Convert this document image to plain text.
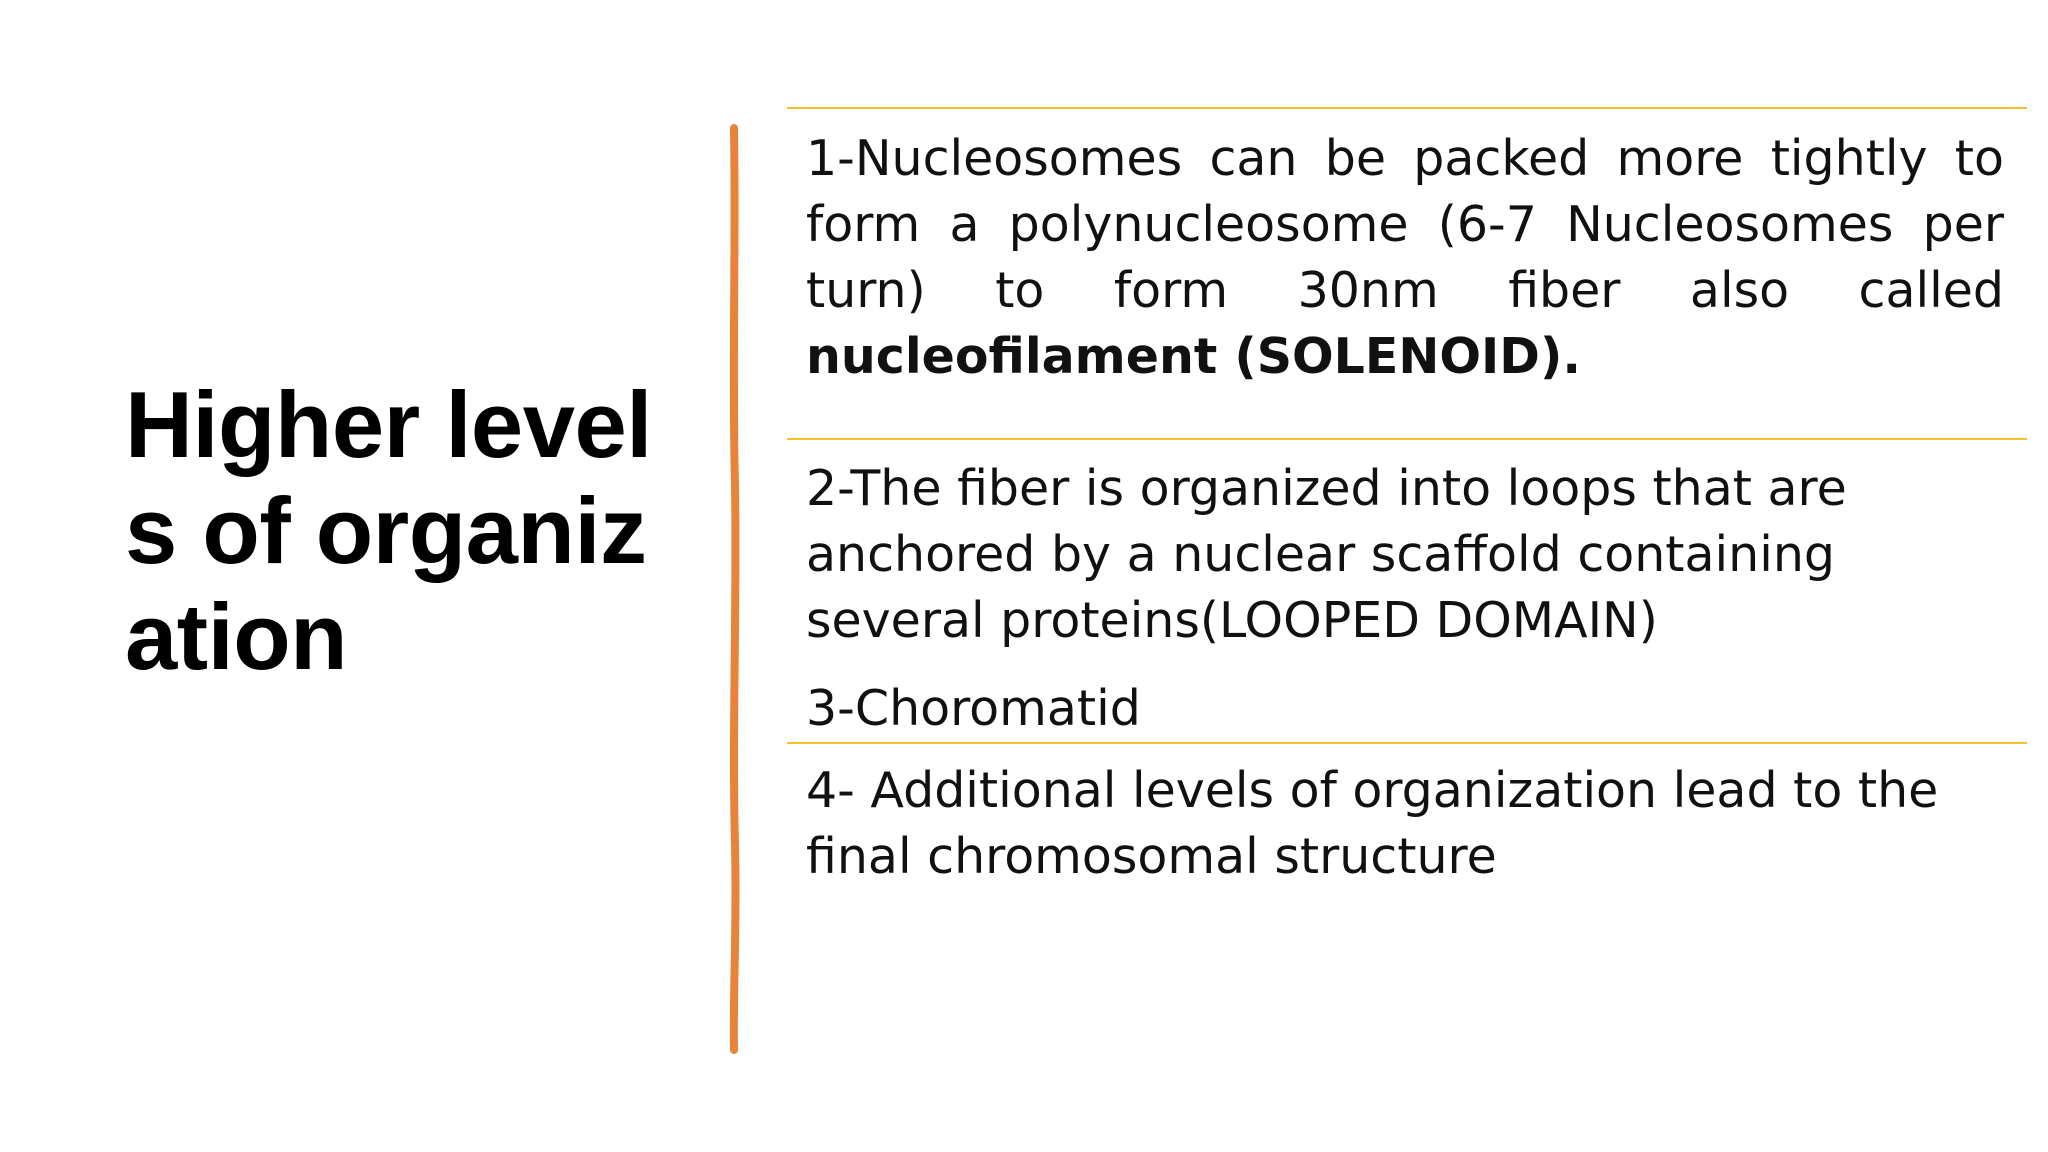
Higher levels of organization

1-Nucleosomes can be packed more tightly to form a polynucleosome (6-7 Nucleosomes per turn) to form 30nm fiber also called nucleofilament (SOLENOID).

2-The fiber is organized into loops that are anchored by a nuclear scaffold containing several proteins(LOOPED DOMAIN)

3-Choromatid

4- Additional levels of organization lead to the final chromosomal structure
